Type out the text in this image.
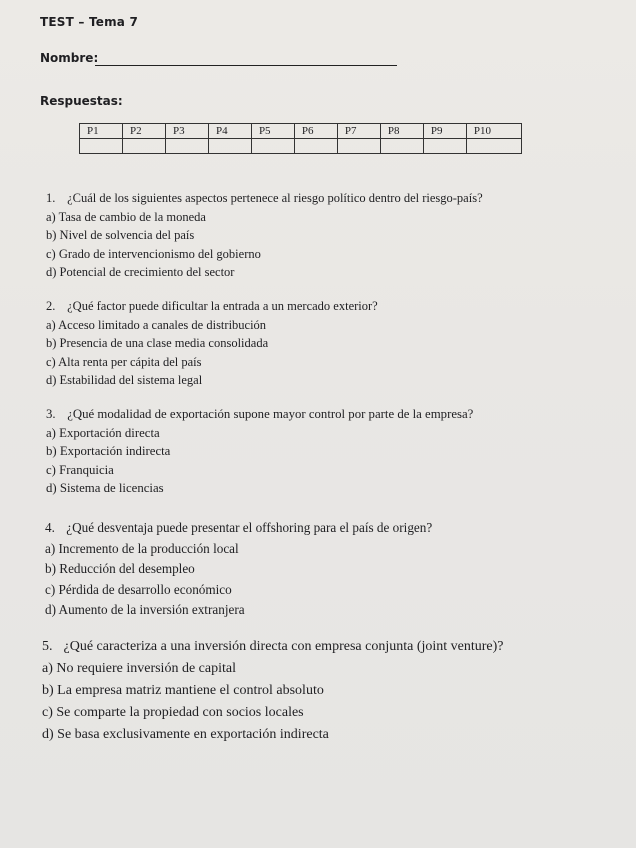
TEST – Tema 7
Nombre:
Respuestas:
P1	P2	P3	P4	P5	P6	P7	P8	P9	P10

1. ¿Cuál de los siguientes aspectos pertenece al riesgo político dentro del riesgo-país?
a) Tasa de cambio de la moneda
b) Nivel de solvencia del país
c) Grado de intervencionismo del gobierno
d) Potencial de crecimiento del sector
2. ¿Qué factor puede dificultar la entrada a un mercado exterior?
a) Acceso limitado a canales de distribución
b) Presencia de una clase media consolidada
c) Alta renta per cápita del país
d) Estabilidad del sistema legal
3. ¿Qué modalidad de exportación supone mayor control por parte de la empresa?
a) Exportación directa
b) Exportación indirecta
c) Franquicia
d) Sistema de licencias
4. ¿Qué desventaja puede presentar el offshoring para el país de origen?
a) Incremento de la producción local
b) Reducción del desempleo
c) Pérdida de desarrollo económico
d) Aumento de la inversión extranjera
5. ¿Qué caracteriza a una inversión directa con empresa conjunta (joint venture)?
a) No requiere inversión de capital
b) La empresa matriz mantiene el control absoluto
c) Se comparte la propiedad con socios locales
d) Se basa exclusivamente en exportación indirecta
